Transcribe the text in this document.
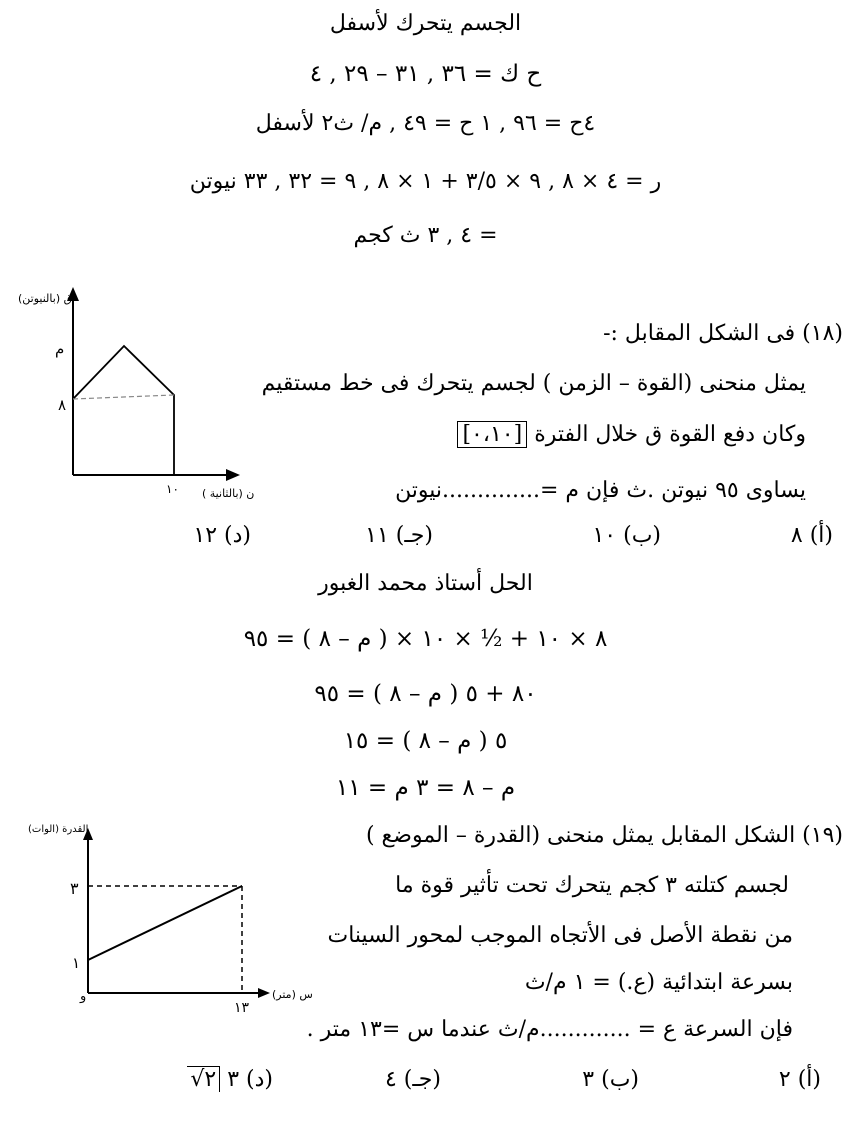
الجسم يتحرك لأسفل
ح ك = ٣٦ , ٣١ – ٢٩ , ٤
٤ح = ٩٦ , ١ ح = ٤٩ , م/ ث٢ لأسفل
ر = ٤ × ٨ , ٩ × ٣/٥ + ١ × ٨ , ٩ = ٣٢ , ٣٣ نيوتن
= ٤ , ٣ ث كجم
ق (بالنيوتن)
م
٨
١٠ ن (بالثانية )
(١٨) فى الشكل المقابل :-
يمثل منحنى (القوة – الزمن ) لجسم يتحرك فى خط مستقيم
وكان دفع القوة ق خلال الفترة [٠،١٠]
يساوى ٩٥ نيوتن .ث فإن م =..............نيوتن
(أ) ٨
(ب) ١٠
(جـ) ١١
(د) ١٢
الحل أستاذ محمد الغبور
٨ × ١٠ + ½ × ١٠ × ( م – ٨ ) = ٩٥
٨٠ + ٥ ( م – ٨ ) = ٩٥
٥ ( م – ٨ ) = ١٥
م – ٨ = ٣ م = ١١
القدرة (الوات)
٣
١
و
١٣
س (متر)
(١٩) الشكل المقابل يمثل منحنى (القدرة – الموضع )
لجسم كتلته ٣ كجم يتحرك تحت تأثير قوة ما
من نقطة الأصل فى الأتجاه الموجب لمحور السينات
بسرعة ابتدائية (ع.) = ١ م/ث
فإن السرعة ع = .............م/ث عندما س =١٣ متر .
(أ) ٢
(ب) ٣
(جـ) ٤
(د) ٣ ٢√
